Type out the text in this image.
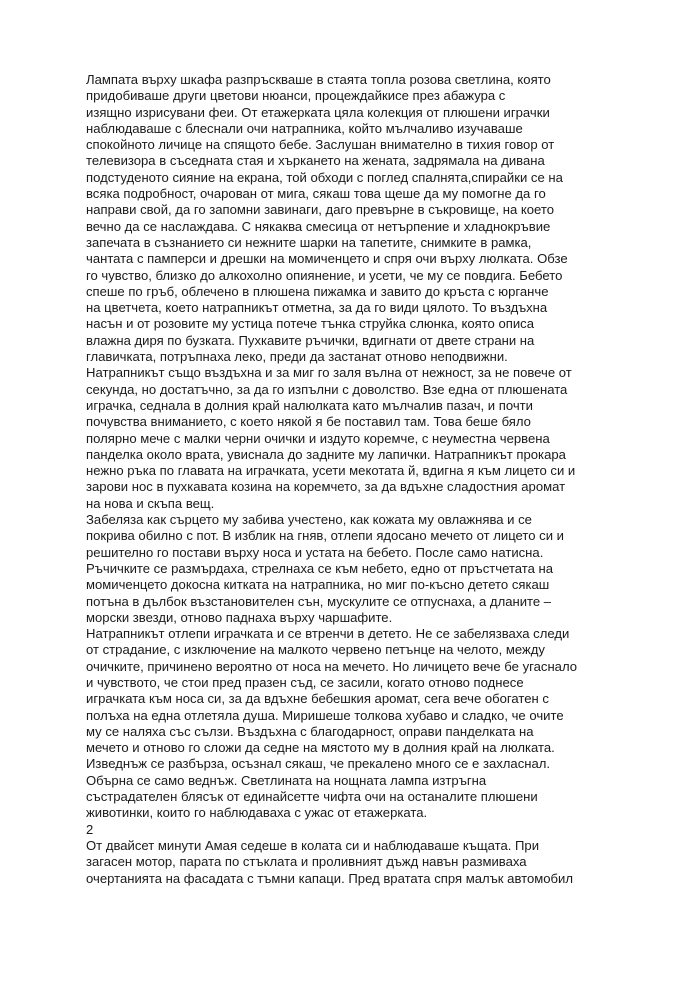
Лампата върху шкафа разпръскваше в стаята топла розова светлина, която
придобиваше други цветови нюанси, процеждайкисе през абажура с
изящно изрисувани феи. От етажерката цяла колекция от плюшени играчки
наблюдаваше с блеснали очи натрапника, който мълчаливо изучаваше
спокойното личице на спящото бебе. Заслушан внимателно в тихия говор от
телевизора в съседната стая и хъркането на жената, задрямала на дивана
подстуденото сияние на екрана, той обходи с поглед спалнята,спирайки се на
всяка подробност, очарован от мига, сякаш това щеше да му помогне да го
направи свой, да го запомни завинаги, даго превърне в съкровище, на което
вечно да се наслаждава. С някаква смесица от нетърпение и хладнокръвие
запечата в съзнанието си нежните шарки на тапетите, снимките в рамка,
чантата с памперси и дрешки на момиченцето и спря очи върху люлката. Обзе
го чувство, близко до алкохолно опиянение, и усети, че му се повдига. Бебето
спеше по гръб, облечено в плюшена пижамка и завито до кръста с юрганче
на цветчета, което натрапникът отметна, за да го види цялото. То въздъхна
насън и от розовите му устица потече тънка струйка слюнка, която описа
влажна диря по бузката. Пухкавите ръчички, вдигнати от двете страни на
главичката, потръпнаха леко, преди да застанат отново неподвижни.
Натрапникът също въздъхна и за миг го заля вълна от нежност, за не повече от
секунда, но достатъчно, за да го изпълни с доволство. Взе една от плюшената
играчка, седнала в долния край налюлката като мълчалив пазач, и почти
почувства вниманието, с което някой я бе поставил там. Това беше бяло
полярно мече с малки черни очички и издуто коремче, с неуместна червена
панделка около врата, увиснала до задните му лапички. Натрапникът прокара
нежно ръка по главата на играчката, усети мекотата й, вдигна я към лицето си и
зарови нос в пухкавата козина на коремчето, за да вдъхне сладостния аромат
на нова и скъпа вещ.
Забеляза как сърцето му забива учестено, как кожата му овлажнява и се
покрива обилно с пот. В изблик на гняв, отлепи ядосано мечето от лицето си и
решително го постави върху носа и устата на бебето. После само натисна.
Ръчичките се размърдаха, стрелнаха се към небето, едно от пръстчетата на
момиченцето докосна китката на натрапника, но миг по-късно детето сякаш
потъна в дълбок възстановителен сън, мускулите се отпуснаха, а дланите –
морски звезди, отново паднаха върху чаршафите.
Натрапникът отлепи играчката и се втренчи в детето. Не се забелязваха следи
от страдание, с изключение на малкото червено петънце на челото, между
очичките, причинено вероятно от носа на мечето. Но личицето вече бе угаснало
и чувството, че стои пред празен съд, се засили, когато отново поднесе
играчката към носа си, за да вдъхне бебешкия аромат, сега вече обогатен с
полъха на една отлетяла душа. Миришеше толкова хубаво и сладко, че очите
му се наляха със сълзи. Въздъхна с благодарност, оправи панделката на
мечето и отново го сложи да седне на мястото му в долния край на люлката.
Изведнъж се разбърза, осъзнал сякаш, че прекалено много се е захласнал.
Обърна се само веднъж. Светлината на нощната лампа изтръгна
състрадателен блясък от единайсетте чифта очи на останалите плюшени
животинки, които го наблюдаваха с ужас от етажерката.
2
От двайсет минути Амая седеше в колата си и наблюдаваше къщата. При
загасен мотор, парата по стъклата и проливният дъжд навън размиваха
очертанията на фасадата с тъмни капаци. Пред вратата спря малък автомобил
